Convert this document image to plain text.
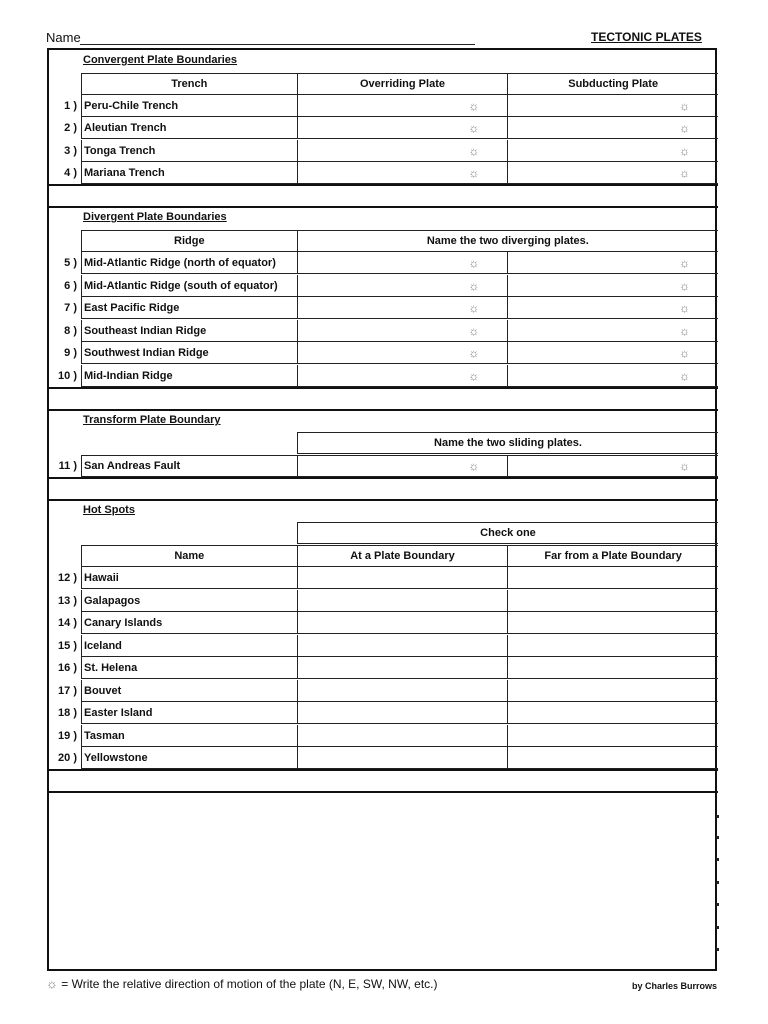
Name	TECTONIC PLATES
Convergent Plate Boundaries
Trench	Overriding Plate	Subducting Plate
1 ) Peru-Chile Trench	☼	☼
2 ) Aleutian Trench	☼	☼
3 ) Tonga Trench	☼	☼
4 ) Mariana Trench	☼	☼
Divergent Plate Boundaries
Ridge	Name the two diverging plates.
5 ) Mid-Atlantic Ridge (north of equator)	☼	☼
6 ) Mid-Atlantic Ridge (south of equator)	☼	☼
7 ) East Pacific Ridge	☼	☼
8 ) Southeast Indian Ridge	☼	☼
9 ) Southwest Indian Ridge	☼	☼
10 ) Mid-Indian Ridge	☼	☼
Transform Plate Boundary
Name the two sliding plates.
11 ) San Andreas Fault	☼	☼
Hot Spots
Check one
Name	At a Plate Boundary	Far from a Plate Boundary
12 ) Hawaii
13 ) Galapagos
14 ) Canary Islands
15 ) Iceland
16 ) St. Helena
17 ) Bouvet
18 ) Easter Island
19 ) Tasman
20 ) Yellowstone
☼ = Write the relative direction of motion of the plate (N, E, SW, NW, etc.)	by Charles Burrows
